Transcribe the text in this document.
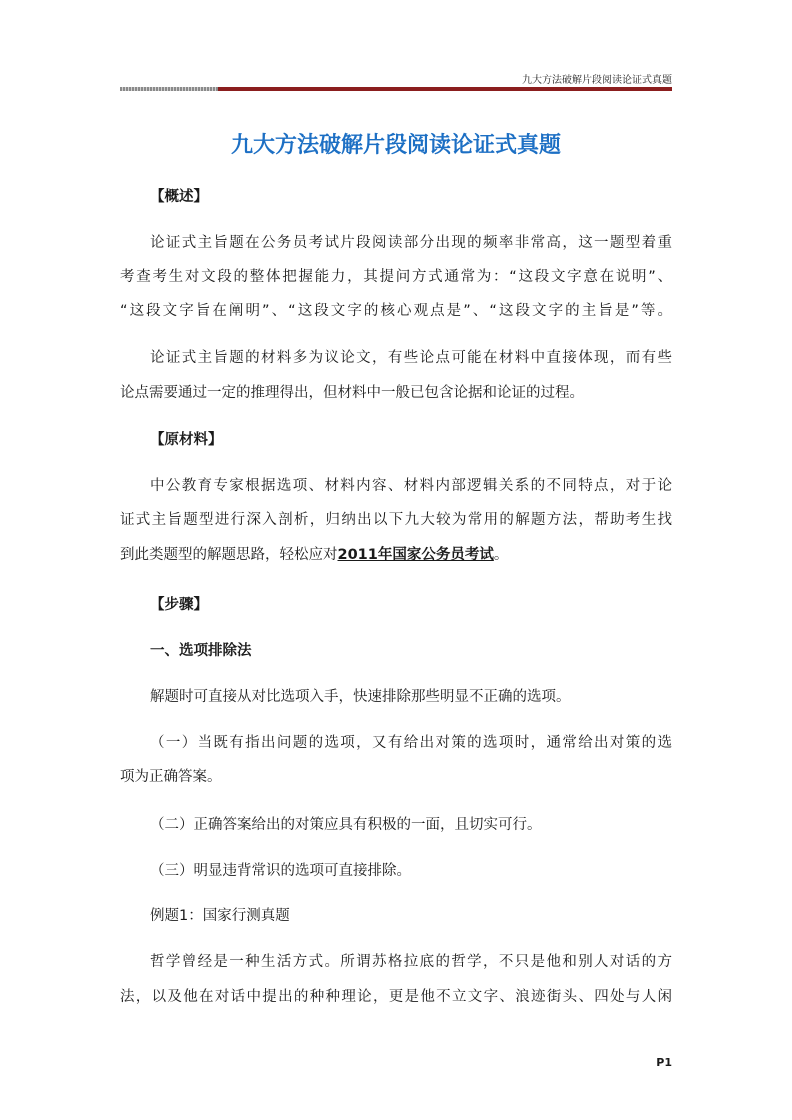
九大方法破解片段阅读论证式真题
九大方法破解片段阅读论证式真题
【概述】
论证式主旨题在公务员考试片段阅读部分出现的频率非常高，这一题型着重
考查考生对文段的整体把握能力，其提问方式通常为：“这段文字意在说明”、
“这段文字旨在阐明”、“这段文字的核心观点是”、“这段文字的主旨是”等。
论证式主旨题的材料多为议论文，有些论点可能在材料中直接体现，而有些
论点需要通过一定的推理得出，但材料中一般已包含论据和论证的过程。
【原材料】
中公教育专家根据选项、材料内容、材料内部逻辑关系的不同特点，对于论
证式主旨题型进行深入剖析，归纳出以下九大较为常用的解题方法，帮助考生找
到此类题型的解题思路，轻松应对2011年国家公务员考试。
【步骤】
一、选项排除法
解题时可直接从对比选项入手，快速排除那些明显不正确的选项。
（一）当既有指出问题的选项，又有给出对策的选项时，通常给出对策的选
项为正确答案。
（二）正确答案给出的对策应具有积极的一面，且切实可行。
（三）明显违背常识的选项可直接排除。
例题1：国家行测真题
哲学曾经是一种生活方式。所谓苏格拉底的哲学，不只是他和别人对话的方
法，以及他在对话中提出的种种理论，更是他不立文字、浪迹街头、四处与人闲
P1
